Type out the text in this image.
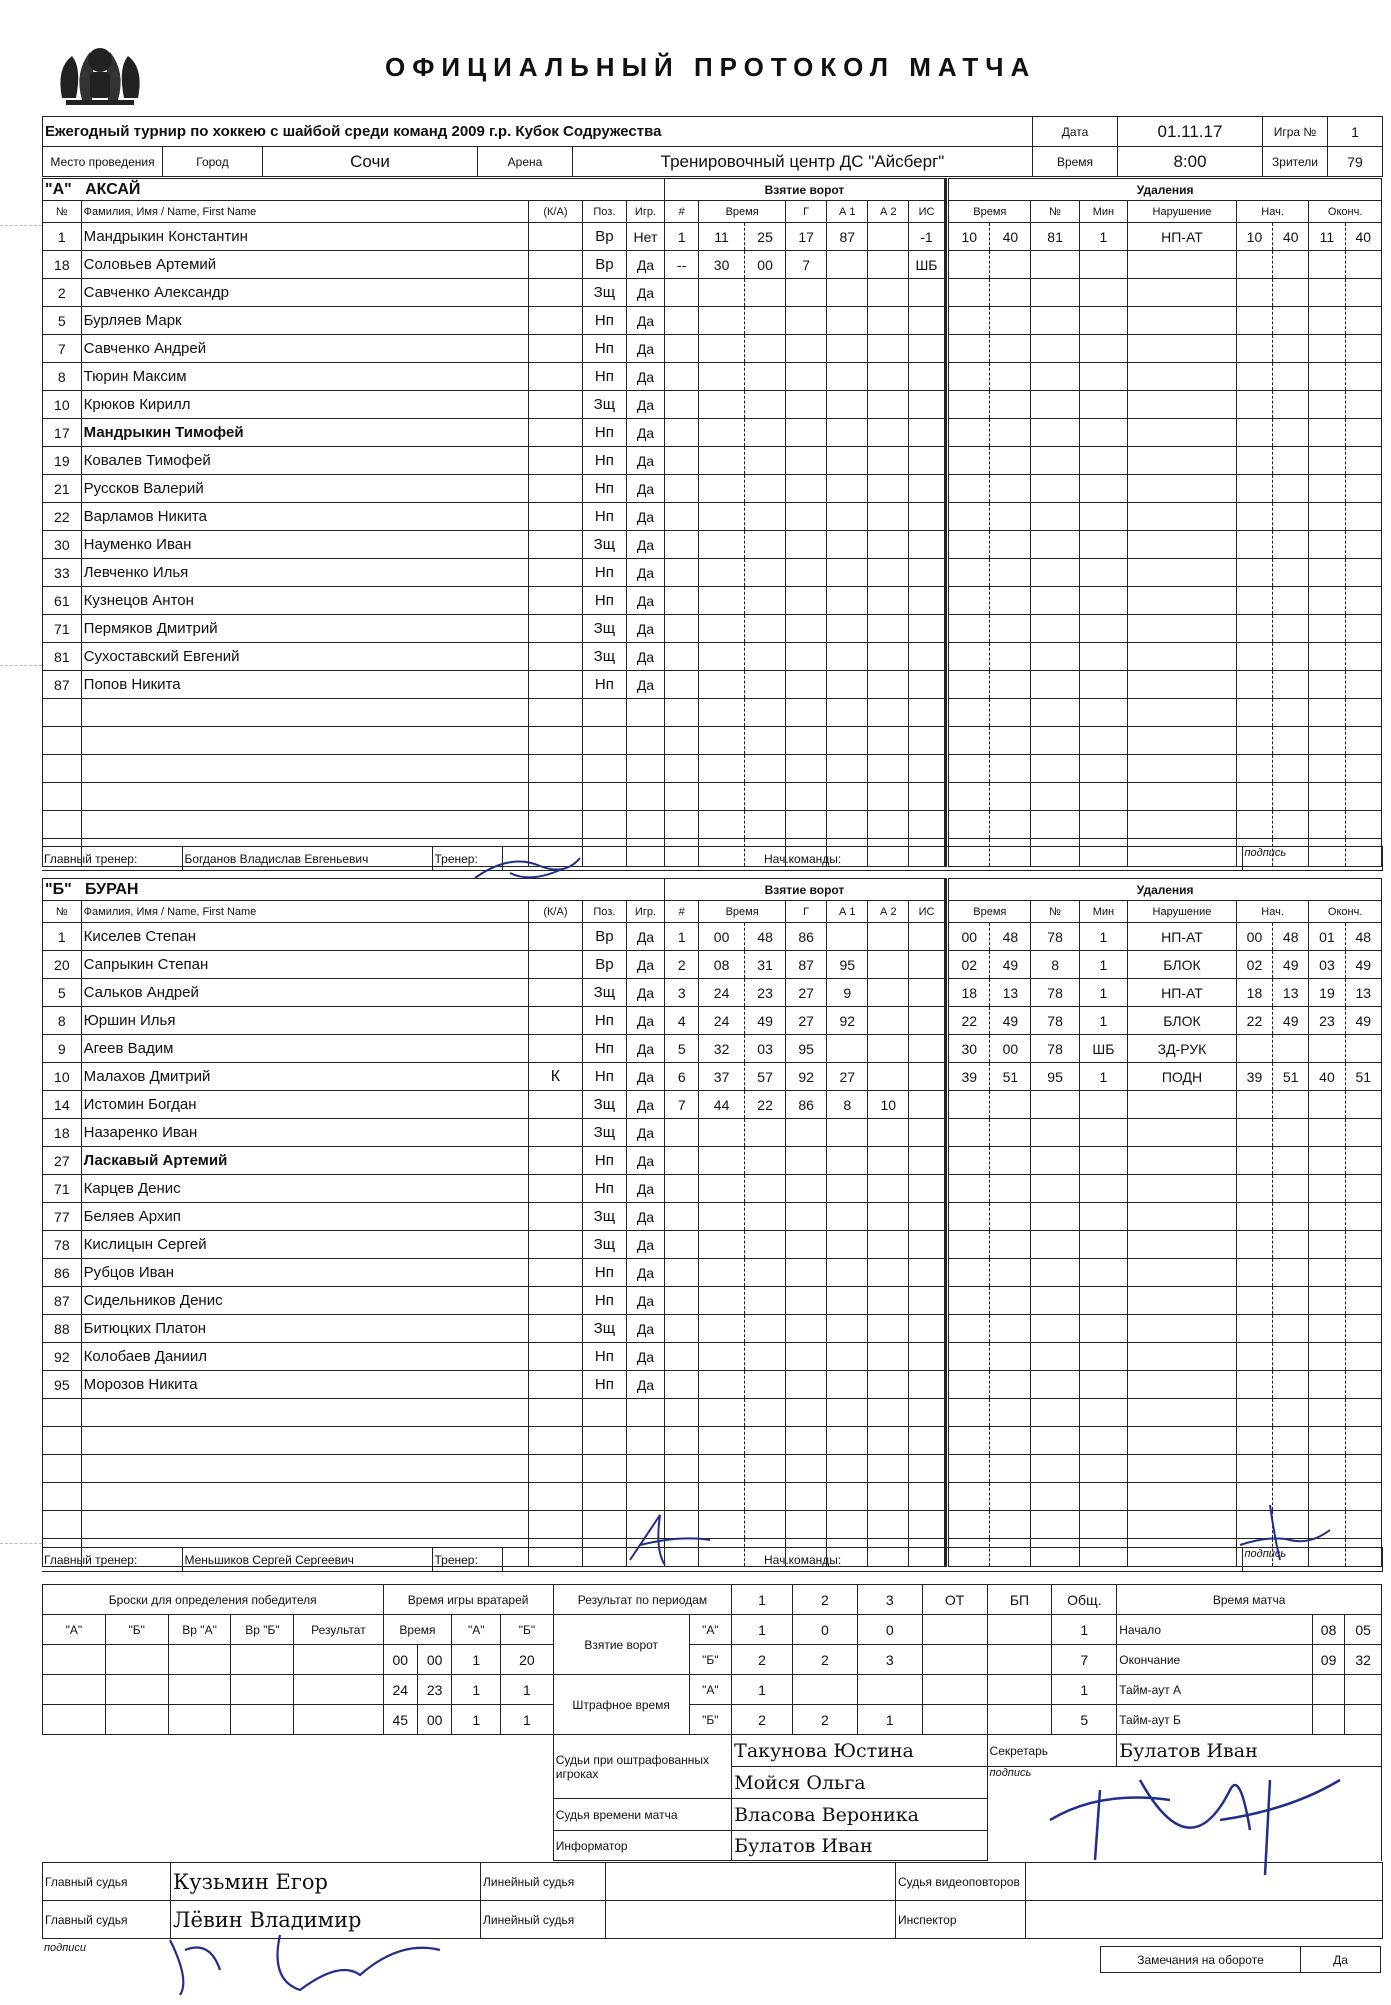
ОФИЦИАЛЬНЫЙ ПРОТОКОЛ МАТЧА
Ежегодный турнир по хоккею с шайбой среди команд 2009 г.р. Кубок Содружества					Дата	01.11.17	Игра №	1
Место проведения	Город	Сочи	Арена	Тренировочный центр ДС "Айсберг"	Время	8:00	Зрители	79
"А" АКСАЙ					Взятие ворот								Удаления								
№	Фамилия, Имя / Name, First Name	(К/А)	Поз.	Игр.	#	Время		Г	А 1	А 2	ИС		Время		№	Мин	Нарушение	Нач.		Оконч.	
1	Мандрыкин Константин		Вр	Нет	1	11	25	17	87		-1		10	40	81	1	НП-АТ	10	40	11	40
18	Соловьев Артемий		Вр	Да	--	30	00	7			ШБ										
2	Савченко Александр		Зщ	Да																	
5	Бурляев Марк		Нп	Да																	
7	Савченко Андрей		Нп	Да																	
8	Тюрин Максим		Нп	Да																	
10	Крюков Кирилл		Зщ	Да																	
17	Мандрыкин Тимофей		Нп	Да																	
19	Ковалев Тимофей		Нп	Да																	
21	Руссков Валерий		Нп	Да																	
22	Варламов Никита		Нп	Да																	
30	Науменко Иван		Зщ	Да																	
33	Левченко Илья		Нп	Да																	
61	Кузнецов Антон		Нп	Да																	
71	Пермяков Дмитрий		Зщ	Да																	
81	Сухоставский Евгений		Зщ	Да																	
87	Попов Никита		Нп	Да																	

Главный тренер:	Богданов Владислав Евгеньевич	Тренер:		Нач.команды:		подпись
"Б" БУРАН					Взятие ворот								Удаления								
№	Фамилия, Имя / Name, First Name	(К/А)	Поз.	Игр.	#	Время		Г	А 1	А 2	ИС		Время		№	Мин	Нарушение	Нач.		Оконч.	
1	Киселев Степан		Вр	Да	1	00	48	86					00	48	78	1	НП-АТ	00	48	01	48
20	Сапрыкин Степан		Вр	Да	2	08	31	87	95				02	49	8	1	БЛОК	02	49	03	49
5	Сальков Андрей		Зщ	Да	3	24	23	27	9				18	13	78	1	НП-АТ	18	13	19	13
8	Юршин Илья		Нп	Да	4	24	49	27	92				22	49	78	1	БЛОК	22	49	23	49
9	Агеев Вадим		Нп	Да	5	32	03	95					30	00	78	ШБ	ЗД-РУК				
10	Малахов Дмитрий	К	Нп	Да	6	37	57	92	27				39	51	95	1	ПОДН	39	51	40	51
14	Истомин Богдан		Зщ	Да	7	44	22	86	8	10											
18	Назаренко Иван		Зщ	Да																	
27	Ласкавый Артемий		Нп	Да																	
71	Карцев Денис		Нп	Да																	
77	Беляев Архип		Зщ	Да																	
78	Кислицын Сергей		Зщ	Да																	
86	Рубцов Иван		Нп	Да																	
87	Сидельников Денис		Нп	Да																	
88	Битюцких Платон		Зщ	Да																	
92	Колобаев Даниил		Нп	Да																	
95	Морозов Никита		Нп	Да																	

Главный тренер:	Меньшиков Сергей Сергеевич	Тренер:		Нач.команды:		подпись
Броски для определения победителя					Время игры вратарей				Результат по периодам		1	2	3	ОТ	БП	Общ.	Время матча		
"А"	"Б"	Вр "А"	Вр "Б"	Результат	Время		"А"	"Б"	Взятие ворот	"А"	1	0	0			1	Начало	08	05
					00	00	1	20		"Б"	2	2	3			7	Окончание	09	32
					24	23	1	1	Штрафное время	"А"	1					1	Тайм-аут А		
					45	00	1	1		"Б"	2	2	1			5	Тайм-аут Б		
									Судьи при оштрафованных игроках		Такунова Юстина				Секретарь		Булатов Иван		
											Мойся Ольга				подпись				
									Судья времени матча		Власова Вероника								
									Информатор		Булатов Иван								
Главный судья	Кузьмин Егор	Линейный судья		Судья видеоповторов	
Главный судья	Лёвин Владимир	Линейный судья		Инспектор	
подписи
Замечания на обороте	Да
